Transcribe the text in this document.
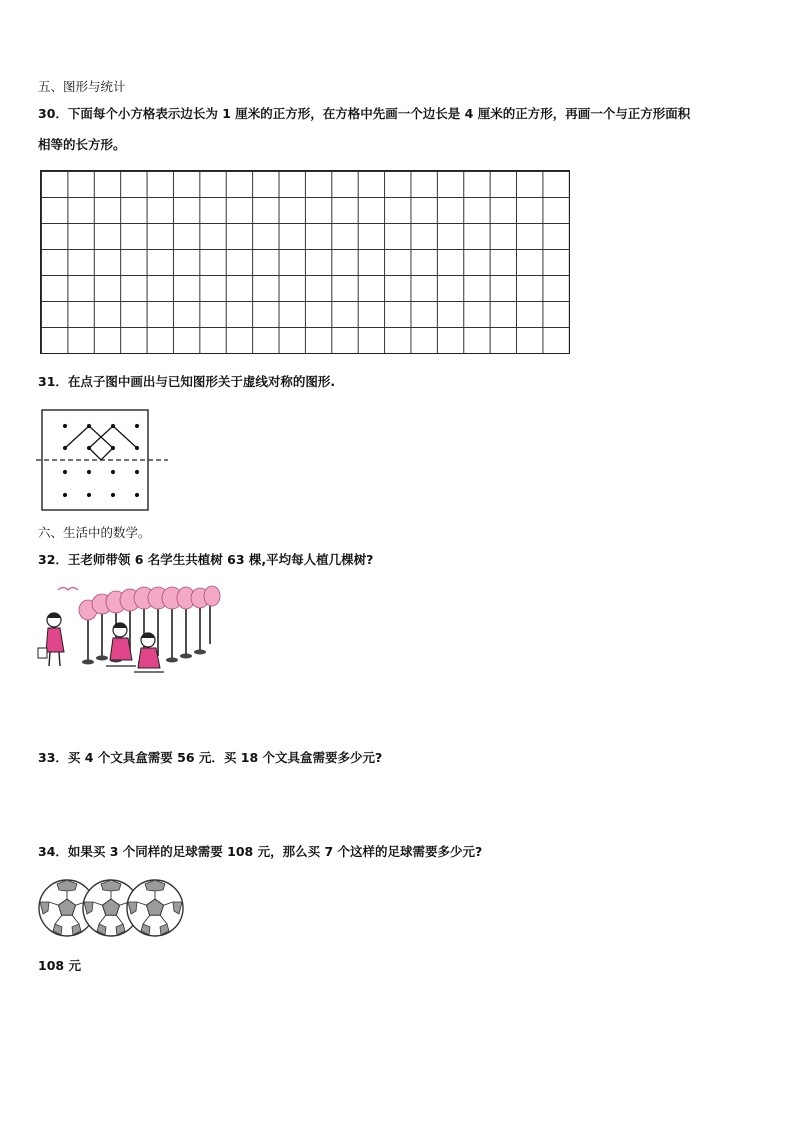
五、图形与统计
30．下面每个小方格表示边长为 1 厘米的正方形，在方格中先画一个边长是 4 厘米的正方形，再画一个与正方形面积
相等的长方形。
31．在点子图中画出与已知图形关于虚线对称的图形.
六、生活中的数学。
32．王老师带领 6 名学生共植树 63 棵,平均每人植几棵树?
33．买 4 个文具盒需要 56 元．买 18 个文具盒需要多少元?
34．如果买 3 个同样的足球需要 108 元，那么买 7 个这样的足球需要多少元?
108 元
